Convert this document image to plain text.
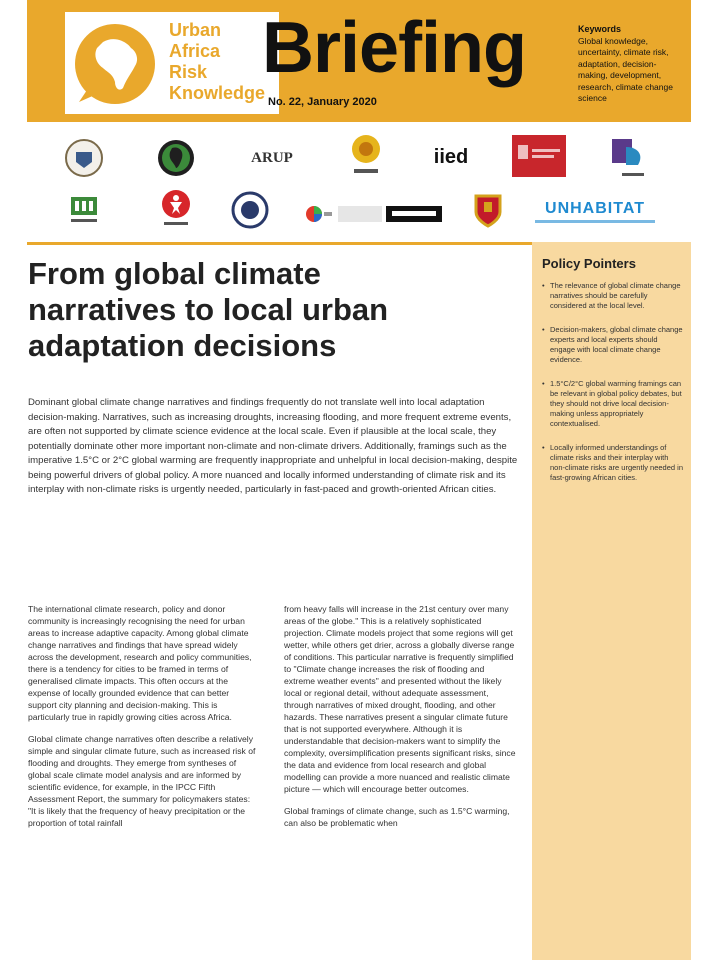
Urban
Africa
Risk
Knowledge
Briefing
No. 22, January 2020
Keywords
Global knowledge, uncertainty, climate risk, adaptation, decision-making, development, research, climate change science
ARUP	iied
UNHABITAT
Policy Pointers
• The relevance of global climate change narratives should be carefully considered at the local level.
• Decision-makers, global climate change experts and local experts should engage with local climate change evidence.
• 1.5°C/2°C global warming framings can be relevant in global policy debates, but they should not drive local decision-making unless appropriately contextualised.
• Locally informed understandings of climate risks and their interplay with non-climate risks are urgently needed in fast-growing African cities.
From global climate
narratives to local urban
adaptation decisions

Dominant global climate change narratives and findings frequently do not translate well into local adaptation decision-making. Narratives, such as increasing droughts, increasing flooding, and more frequent extreme events, are often not supported by climate science evidence at the local scale. Even if plausible at the local scale, they potentially dominate other more important non-climate and non-climate drivers. Additionally, framings such as the imperative 1.5°C or 2°C global warming are frequently inappropriate and unhelpful in local decision-making, despite being powerful drivers of global policy. A more nuanced and locally informed understanding of climate risk and its interplay with non-climate risks is urgently needed, particularly in fast-paced and growth-oriented African cities.

The international climate research, policy and donor community is increasingly recognising the need for urban areas to increase adaptive capacity. Among global climate change narratives and findings that have spread widely across the development, research and policy communities, there is a tendency for cities to be framed in terms of generalised climate impacts. This often occurs at the expense of locally grounded evidence that can better support city planning and decision-making. This is particularly true in rapidly growing cities across Africa.

Global climate change narratives often describe a relatively simple and singular climate future, such as increased risk of flooding and droughts. They emerge from syntheses of global scale climate model analysis and are informed by scientific evidence, for example, in the IPCC Fifth Assessment Report, the summary for policymakers states: "It is likely that the frequency of heavy precipitation or the proportion of total rainfall

from heavy falls will increase in the 21st century over many areas of the globe." This is a relatively sophisticated projection. Climate models project that some regions will get wetter, while others get drier, across a globally diverse range of conditions. This particular narrative is frequently simplified to "Climate change increases the risk of flooding and extreme weather events" and presented without the likely local or regional detail, without adequate assessment, through narratives of mixed drought, flooding, and other hazards. These narratives present a singular climate future that is not supported everywhere. Although it is understandable that decision-makers want to simplify the complexity, oversimplification presents significant risks, since the data and evidence from local research and global modelling can provide a more nuanced and realistic climate picture — which will encourage better outcomes.

Global framings of climate change, such as 1.5°C warming, can also be problematic when
